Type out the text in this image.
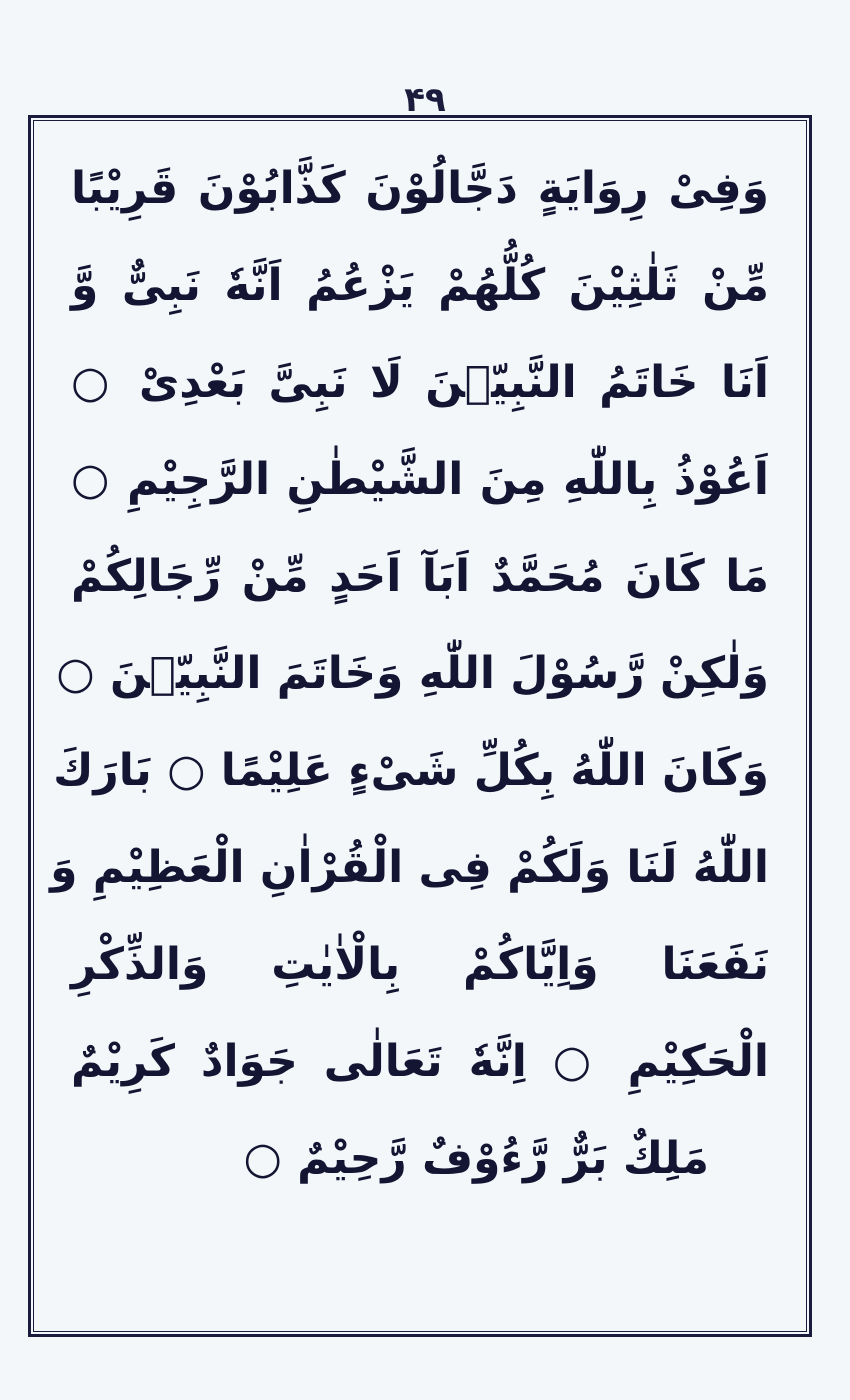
۴۹
وَفِیْ رِوَایَةٍ دَجَّالُوْنَ كَذَّابُوْنَ قَرِیْبًا
مِّنْ ثَلٰثِیْنَ كُلُّهُمْ یَزْعُمُ اَنَّهٗ نَبِیٌّ وَّ
اَنَا خَاتَمُ النَّبِیّٖنَ لَا نَبِیَّ بَعْدِیْ ○
اَعُوْذُ بِاللّٰهِ مِنَ الشَّیْطٰنِ الرَّجِیْمِ ○
مَا كَانَ مُحَمَّدٌ اَبَآ اَحَدٍ مِّنْ رِّجَالِكُمْ
وَلٰكِنْ رَّسُوْلَ اللّٰهِ وَخَاتَمَ النَّبِیّٖنَ ○
وَكَانَ اللّٰهُ بِكُلِّ شَیْءٍ عَلِیْمًا ○ بَارَكَ
اللّٰهُ لَنَا وَلَكُمْ فِی الْقُرْاٰنِ الْعَظِیْمِ وَ
نَفَعَنَا وَاِیَّاكُمْ بِالْاٰیٰتِ وَالذِّكْرِ
الْحَكِیْمِ ○ اِنَّهٗ تَعَالٰی جَوَادٌ كَرِیْمٌ
مَلِكٌ بَرٌّ رَّءُوْفٌ رَّحِیْمٌ ○
